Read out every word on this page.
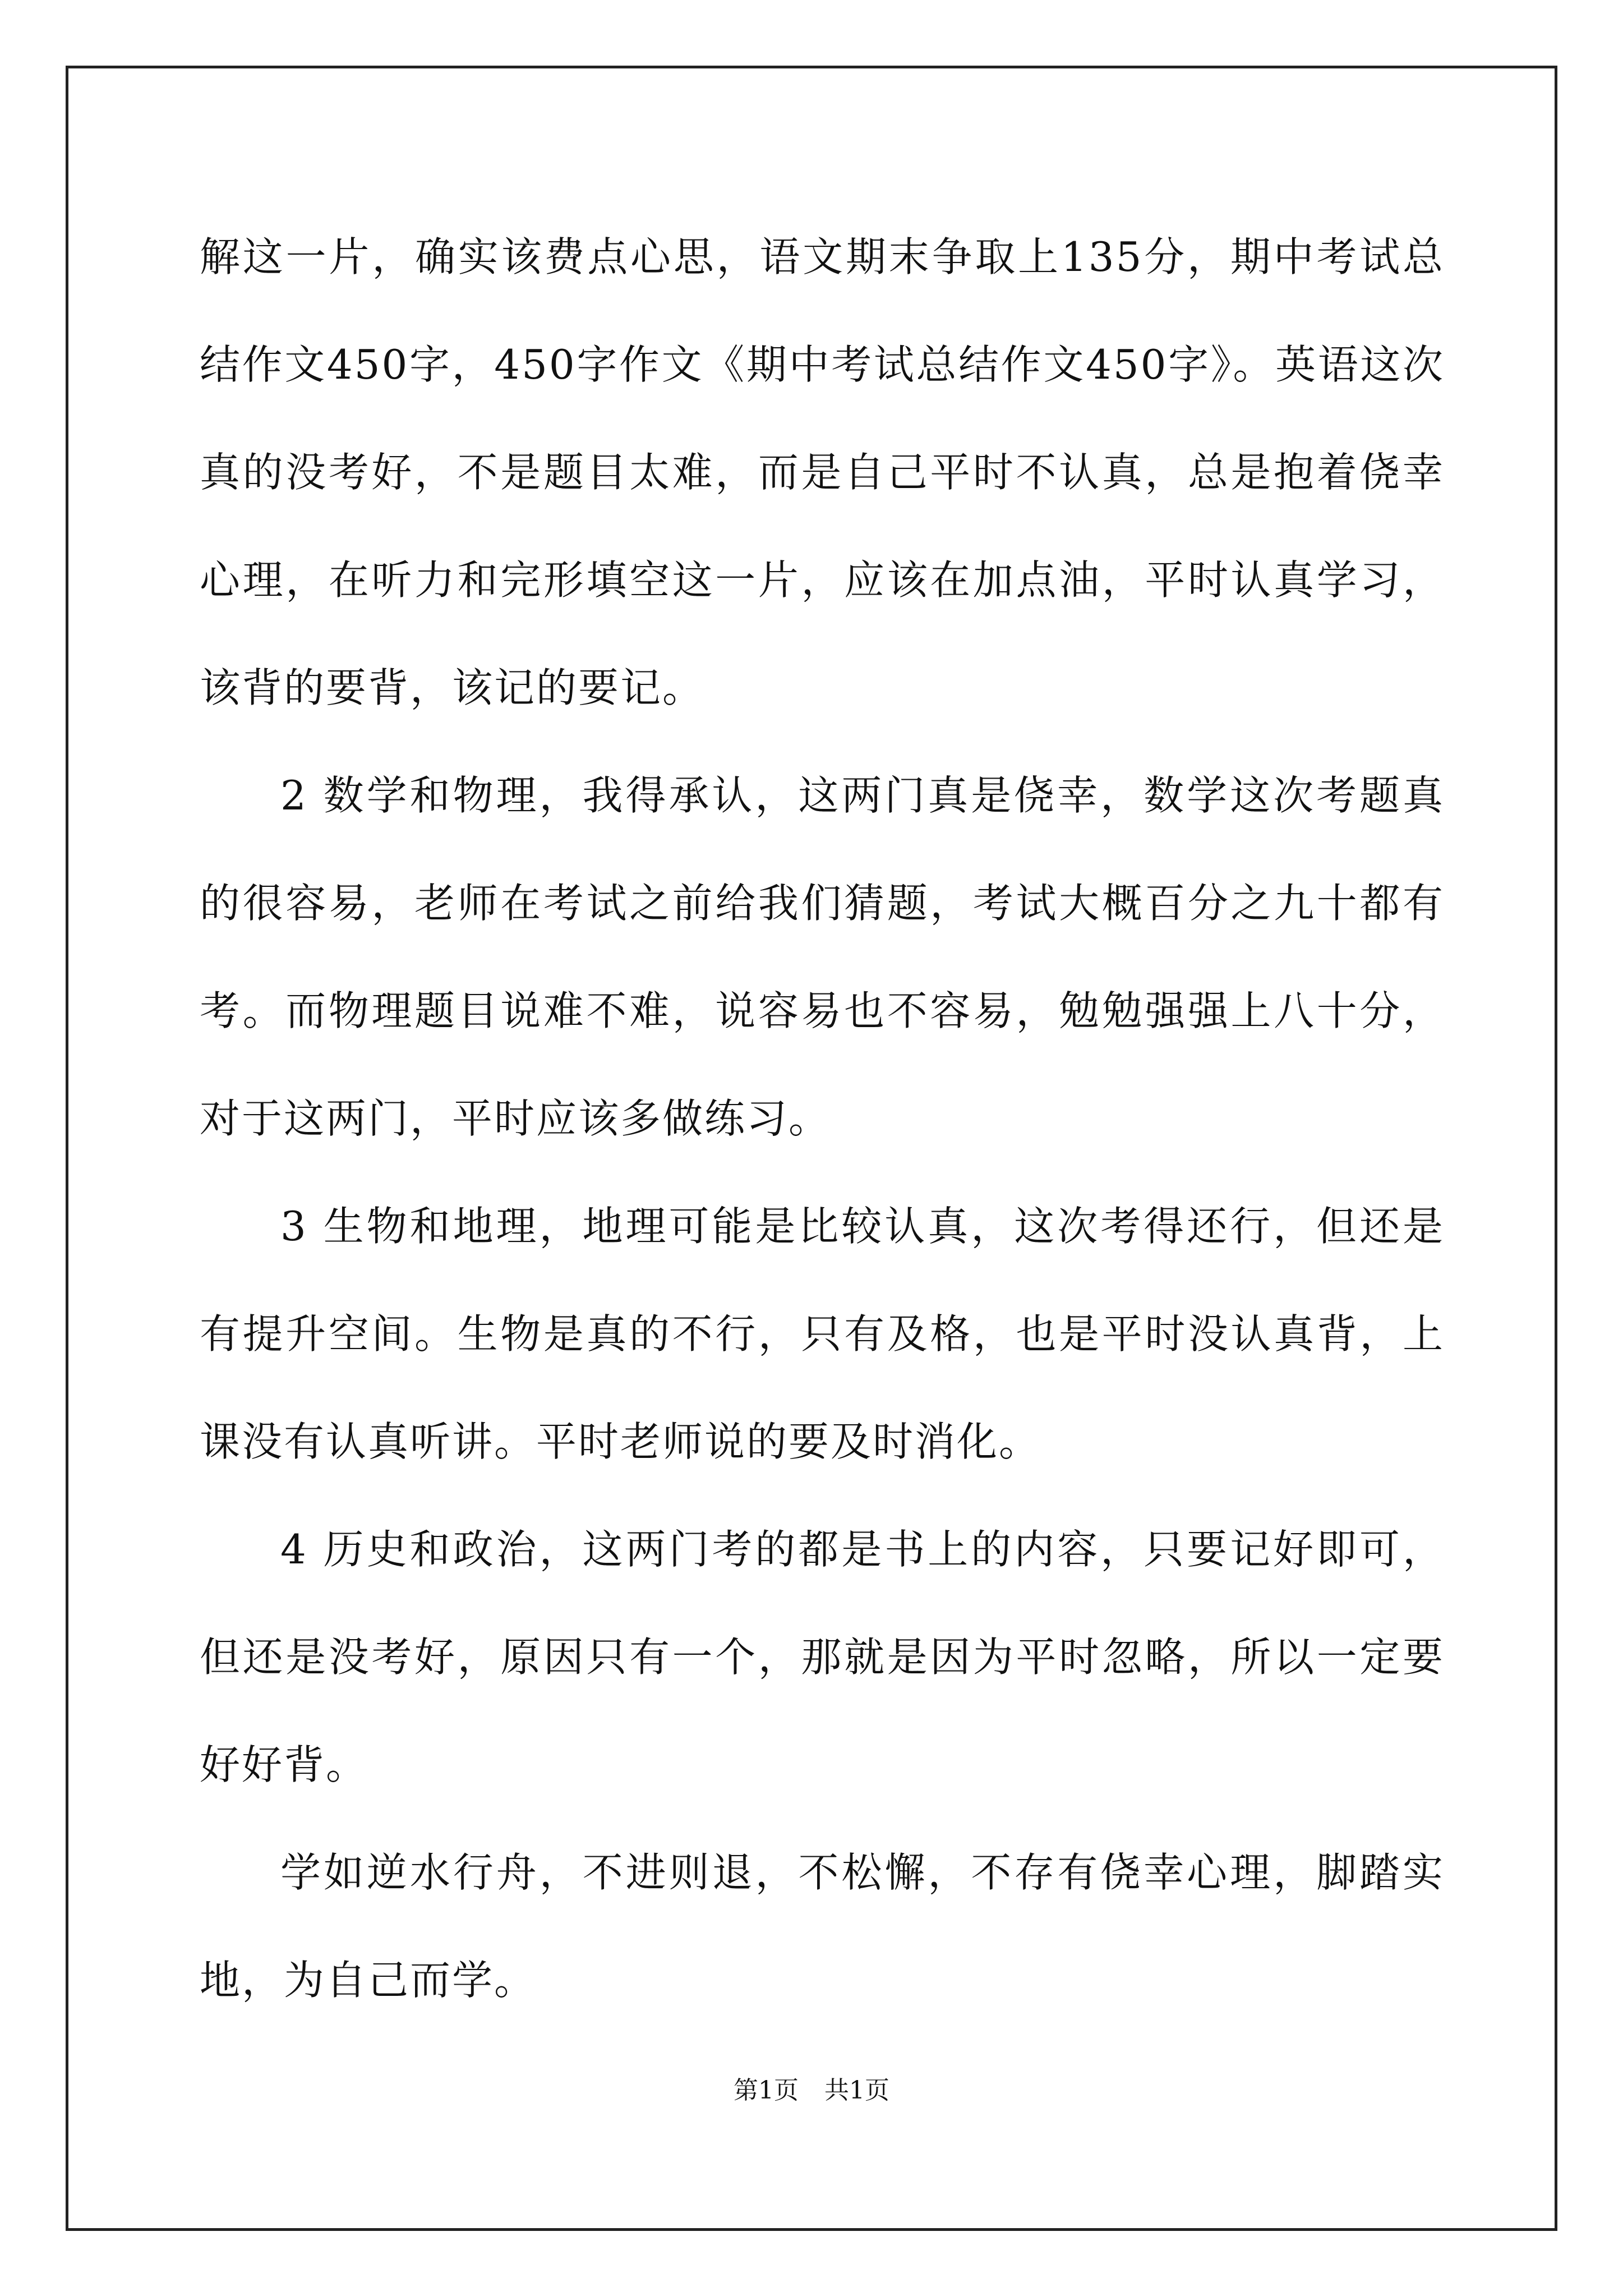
解这一片，确实该费点心思，语文期末争取上135分，期中考试总结作文450字，450字作文《期中考试总结作文450字》。英语这次真的没考好，不是题目太难，而是自己平时不认真，总是抱着侥幸心理，在听力和完形填空这一片，应该在加点油，平时认真学习，该背的要背，该记的要记。

2 数学和物理，我得承认，这两门真是侥幸，数学这次考题真的很容易，老师在考试之前给我们猜题，考试大概百分之九十都有考。而物理题目说难不难，说容易也不容易，勉勉强强上八十分，对于这两门，平时应该多做练习。

3 生物和地理，地理可能是比较认真，这次考得还行，但还是有提升空间。生物是真的不行，只有及格，也是平时没认真背，上课没有认真听讲。平时老师说的要及时消化。

4 历史和政治，这两门考的都是书上的内容，只要记好即可，但还是没考好，原因只有一个，那就是因为平时忽略，所以一定要好好背。

学如逆水行舟，不进则退，不松懈，不存有侥幸心理，脚踏实地，为自己而学。

第1页 共1页
